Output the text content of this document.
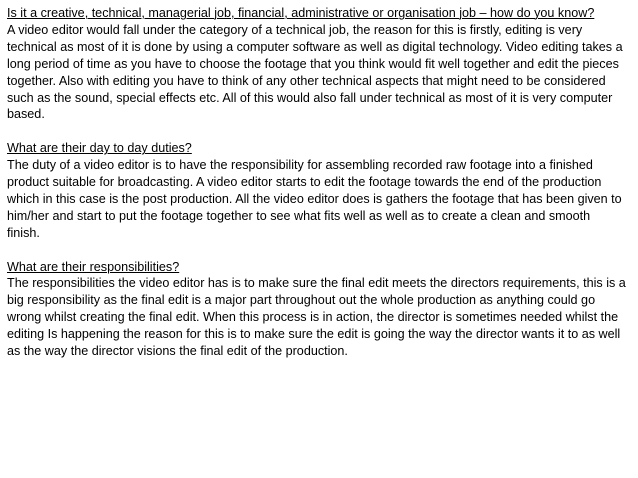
Is it a creative, technical, managerial job, financial, administrative or organisation job – how do you know?

A video editor would fall under the category of a technical job, the reason for this is firstly, editing is very technical as most of it is done by using a computer software as well as digital technology. Video editing takes a long period of time as you have to choose the footage that you think would fit well together and edit the pieces together. Also with editing you have to think of any other technical aspects that might need to be considered such as the sound, special effects etc. All of this would also fall under technical as most of it is very computer based.

What are their day to day duties?

The duty of a video editor is to have the responsibility for assembling recorded raw footage into a finished product suitable for broadcasting. A video editor starts to edit the footage towards the end of the production which in this case is the post production. All the video editor does is gathers the footage that has been given to him/her and start to put the footage together to see what fits well as well as to create a clean and smooth finish.

What are their responsibilities?

The responsibilities the video editor has is to make sure the final edit meets the directors requirements, this is a big responsibility as the final edit is a major part throughout out the whole production as anything could go wrong whilst creating the final edit. When this process is in action, the director is sometimes needed whilst the editing Is happening the reason for this is to make sure the edit is going the way the director wants it to as well as the way the director visions the final edit of the production.
